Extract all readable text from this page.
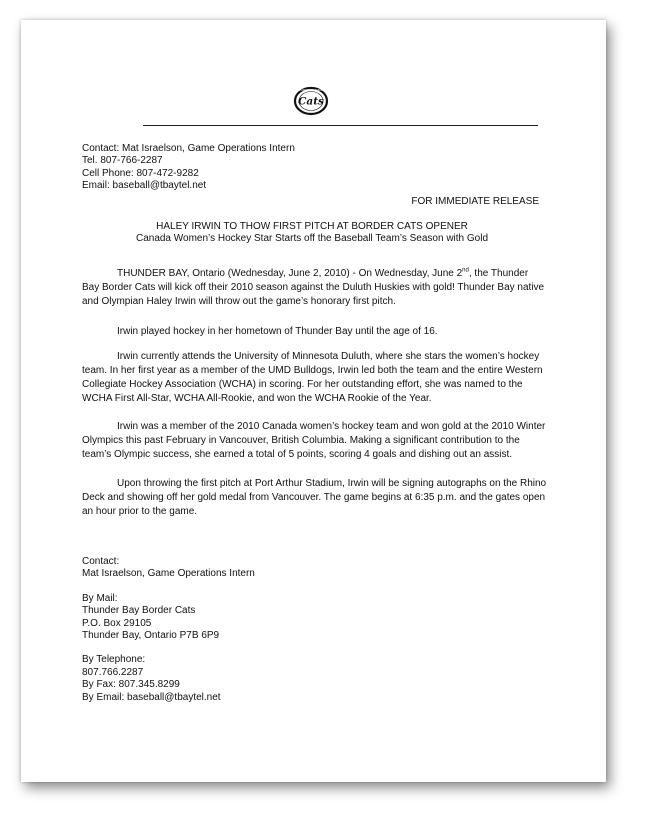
Cats
THUNDER BAY BORDER
Contact: Mat Israelson, Game Operations Intern
Tel. 807-766-2287
Cell Phone: 807-472-9282
Email: baseball@tbaytel.net
FOR IMMEDIATE RELEASE
HALEY IRWIN TO THOW FIRST PITCH AT BORDER CATS OPENER
Canada Women’s Hockey Star Starts off the Baseball Team’s Season with Gold

THUNDER BAY, Ontario (Wednesday, June 2, 2010) - On Wednesday, June 2nd, the Thunder Bay Border Cats will kick off their 2010 season against the Duluth Huskies with gold! Thunder Bay native and Olympian Haley Irwin will throw out the game’s honorary first pitch.

Irwin played hockey in her hometown of Thunder Bay until the age of 16.

Irwin currently attends the University of Minnesota Duluth, where she stars the women’s hockey team. In her first year as a member of the UMD Bulldogs, Irwin led both the team and the entire Western Collegiate Hockey Association (WCHA) in scoring. For her outstanding effort, she was named to the WCHA First All-Star, WCHA All-Rookie, and won the WCHA Rookie of the Year.

Irwin was a member of the 2010 Canada women’s hockey team and won gold at the 2010 Winter Olympics this past February in Vancouver, British Columbia. Making a significant contribution to the team’s Olympic success, she earned a total of 5 points, scoring 4 goals and dishing out an assist.

Upon throwing the first pitch at Port Arthur Stadium, Irwin will be signing autographs on the Rhino Deck and showing off her gold medal from Vancouver. The game begins at 6:35 p.m. and the gates open an hour prior to the game.

Contact:
Mat Israelson, Game Operations Intern
By Mail:
Thunder Bay Border Cats
P.O. Box 29105
Thunder Bay, Ontario P7B 6P9
By Telephone:
807.766.2287
By Fax: 807.345.8299
By Email: baseball@tbaytel.net
